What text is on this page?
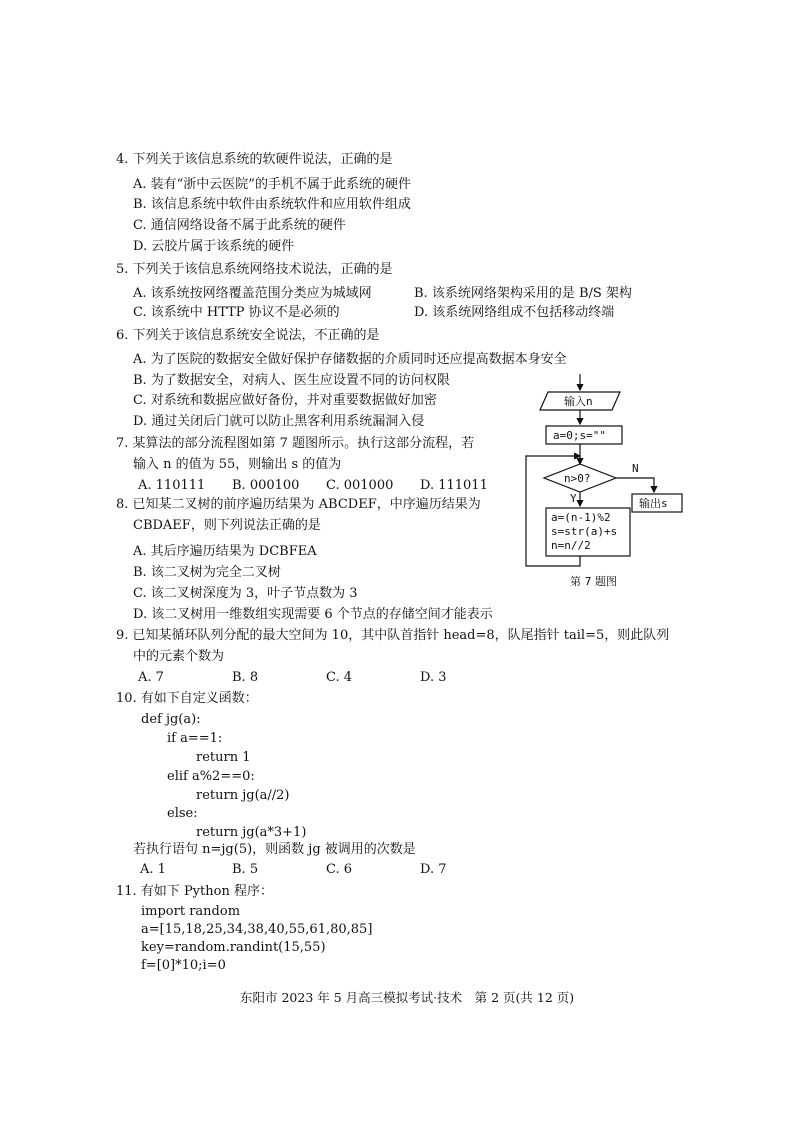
4. 下列关于该信息系统的软硬件说法，正确的是
A. 装有“浙中云医院”的手机不属于此系统的硬件
B. 该信息系统中软件由系统软件和应用软件组成
C. 通信网络设备不属于此系统的硬件
D. 云胶片属于该系统的硬件
5. 下列关于该信息系统网络技术说法，正确的是
A. 该系统按网络覆盖范围分类应为城域网	B. 该系统网络架构采用的是 B/S 架构
C. 该系统中 HTTP 协议不是必须的	D. 该系统网络组成不包括移动终端
6. 下列关于该信息系统安全说法，不正确的是
A. 为了医院的数据安全做好保护存储数据的介质同时还应提高数据本身安全
B. 为了数据安全，对病人、医生应设置不同的访问权限
C. 对系统和数据应做好备份，并对重要数据做好加密
D. 通过关闭后门就可以防止黑客利用系统漏洞入侵
7. 某算法的部分流程图如第 7 题图所示。执行这部分流程，若
输入 n 的值为 55，则输出 s 的值为
A. 110111 B. 000100 C. 001000 D. 111011
输入n
a=0;s=""
n>0?
N
输出s
Y
a=(n-1)%2
s=str(a)+s
n=n//2
第 7 题图
8. 已知某二叉树的前序遍历结果为 ABCDEF，中序遍历结果为
CBDAEF，则下列说法正确的是
A. 其后序遍历结果为 DCBFEA
B. 该二叉树为完全二叉树
C. 该二叉树深度为 3，叶子节点数为 3
D. 该二叉树用一维数组实现需要 6 个节点的存储空间才能表示
9. 已知某循环队列分配的最大空间为 10，其中队首指针 head=8，队尾指针 tail=5，则此队列
中的元素个数为
A. 7	B. 8	C. 4	D. 3
10. 有如下自定义函数：
def jg(a):
if a==1:
return 1
elif a%2==0:
return jg(a//2)
else:
return jg(a*3+1)
若执行语句 n=jg(5)，则函数 jg 被调用的次数是
A. 1	B. 5	C. 6	D. 7
11. 有如下 Python 程序：
import random
a=[15,18,25,34,38,40,55,61,80,85]
key=random.randint(15,55)
f=[0]*10;i=0
东阳市 2023 年 5 月高三模拟考试·技术　第 2 页(共 12 页)
